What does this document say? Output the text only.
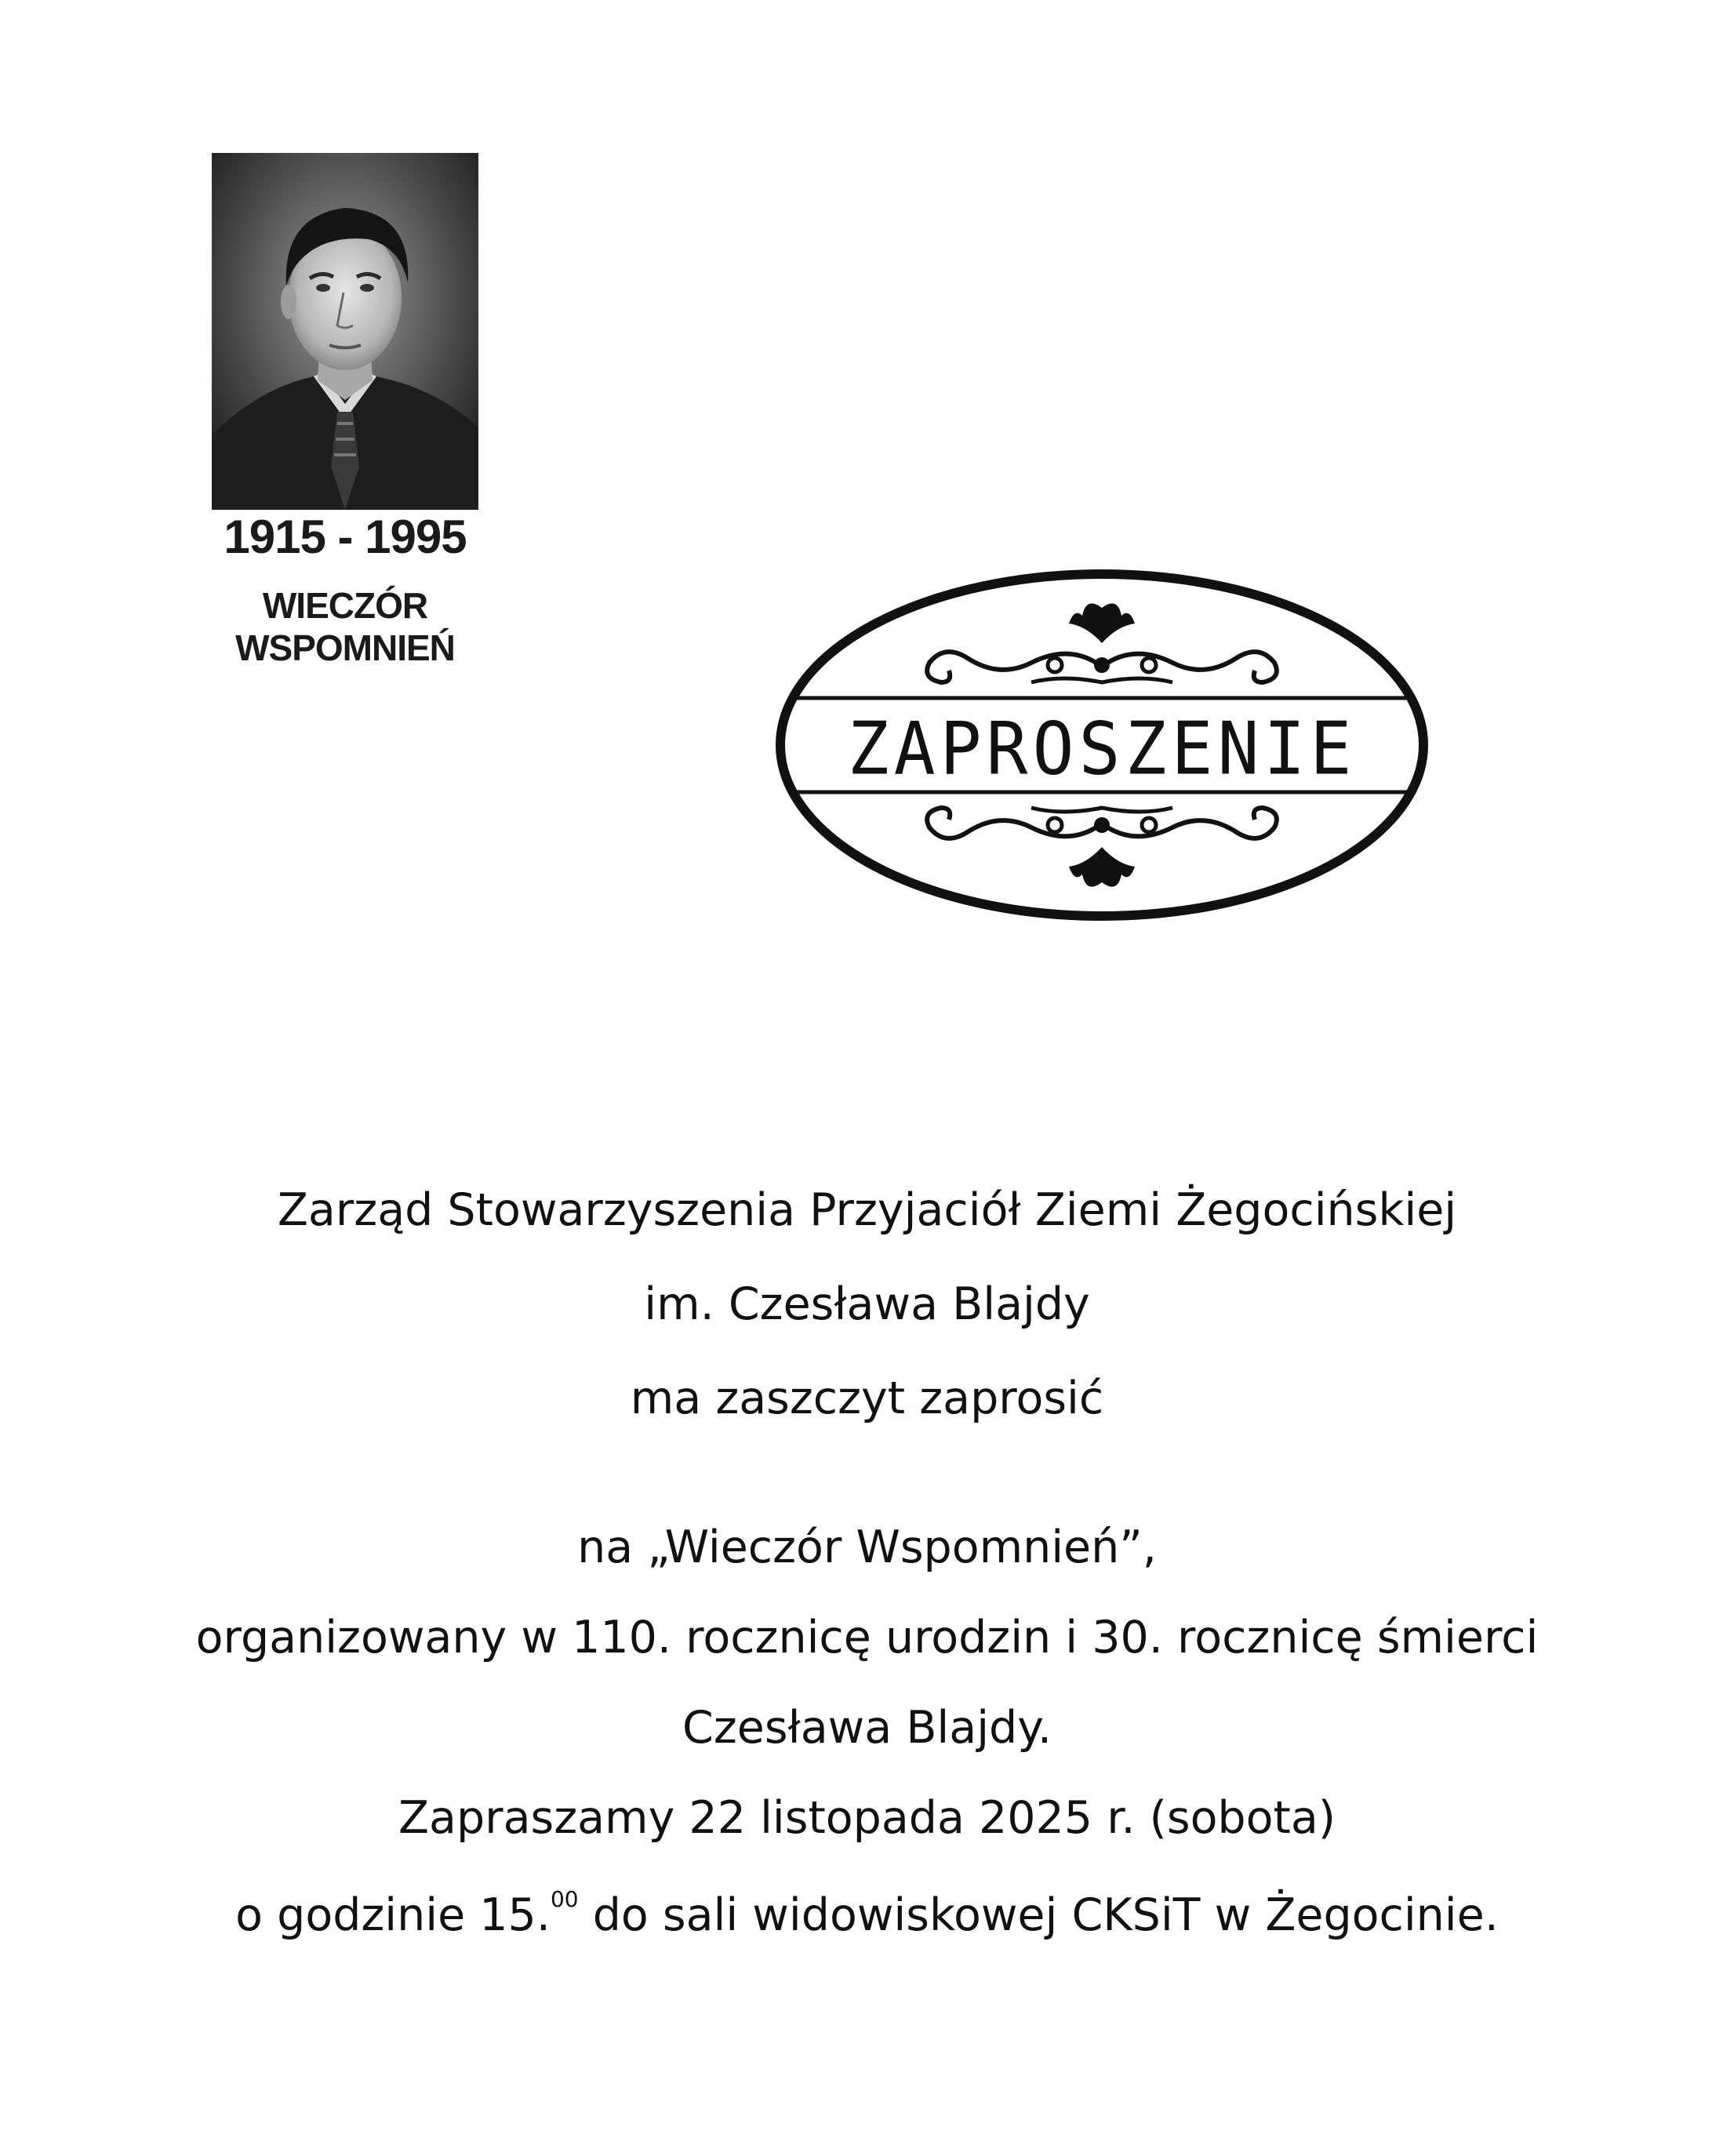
1915 - 1995
WIECZÓR
WSPOMNIEŃ
ZAPROSZENIE
Zarząd Stowarzyszenia Przyjaciół Ziemi Żegocińskiej
im. Czesława Blajdy
ma zaszczyt zaprosić
na „Wieczór Wspomnień”,
organizowany w 110. rocznicę urodzin i 30. rocznicę śmierci
Czesława Blajdy.
Zapraszamy 22 listopada 2025 r. (sobota)
o godzinie 15.00 do sali widowiskowej CKSiT w Żegocinie.
